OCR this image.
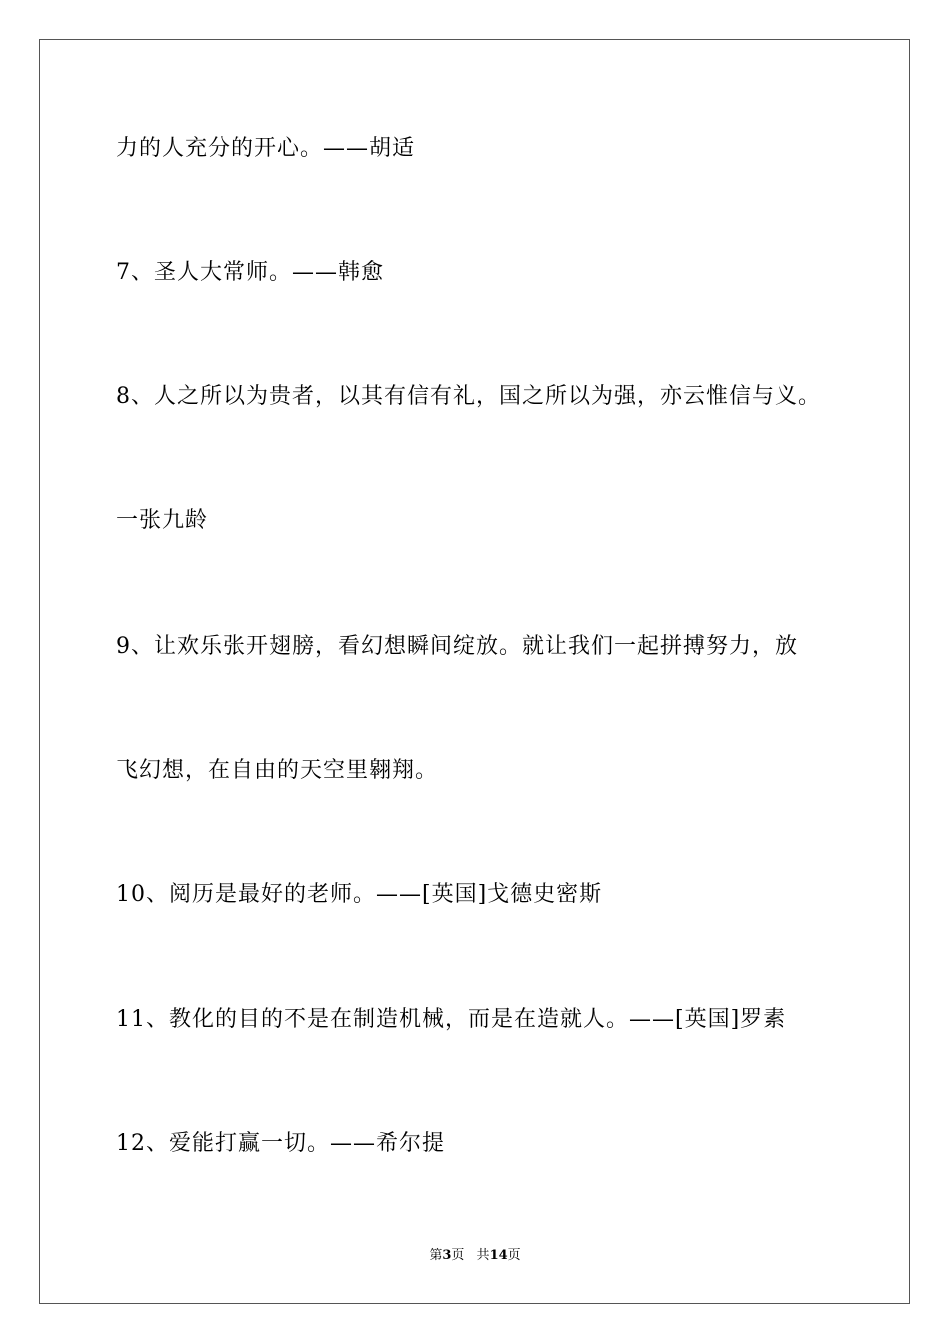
力的人充分的开心。——胡适
7、圣人大常师。——韩愈
8、人之所以为贵者，以其有信有礼，国之所以为强，亦云惟信与义。
一张九龄
9、让欢乐张开翅膀，看幻想瞬间绽放。就让我们一起拼搏努力，放
飞幻想，在自由的天空里翱翔。
10、阅历是最好的老师。——[英国]戈德史密斯
11、教化的目的不是在制造机械，而是在造就人。——[英国]罗素
12、爱能打赢一切。——希尔提
第3页 共14页
